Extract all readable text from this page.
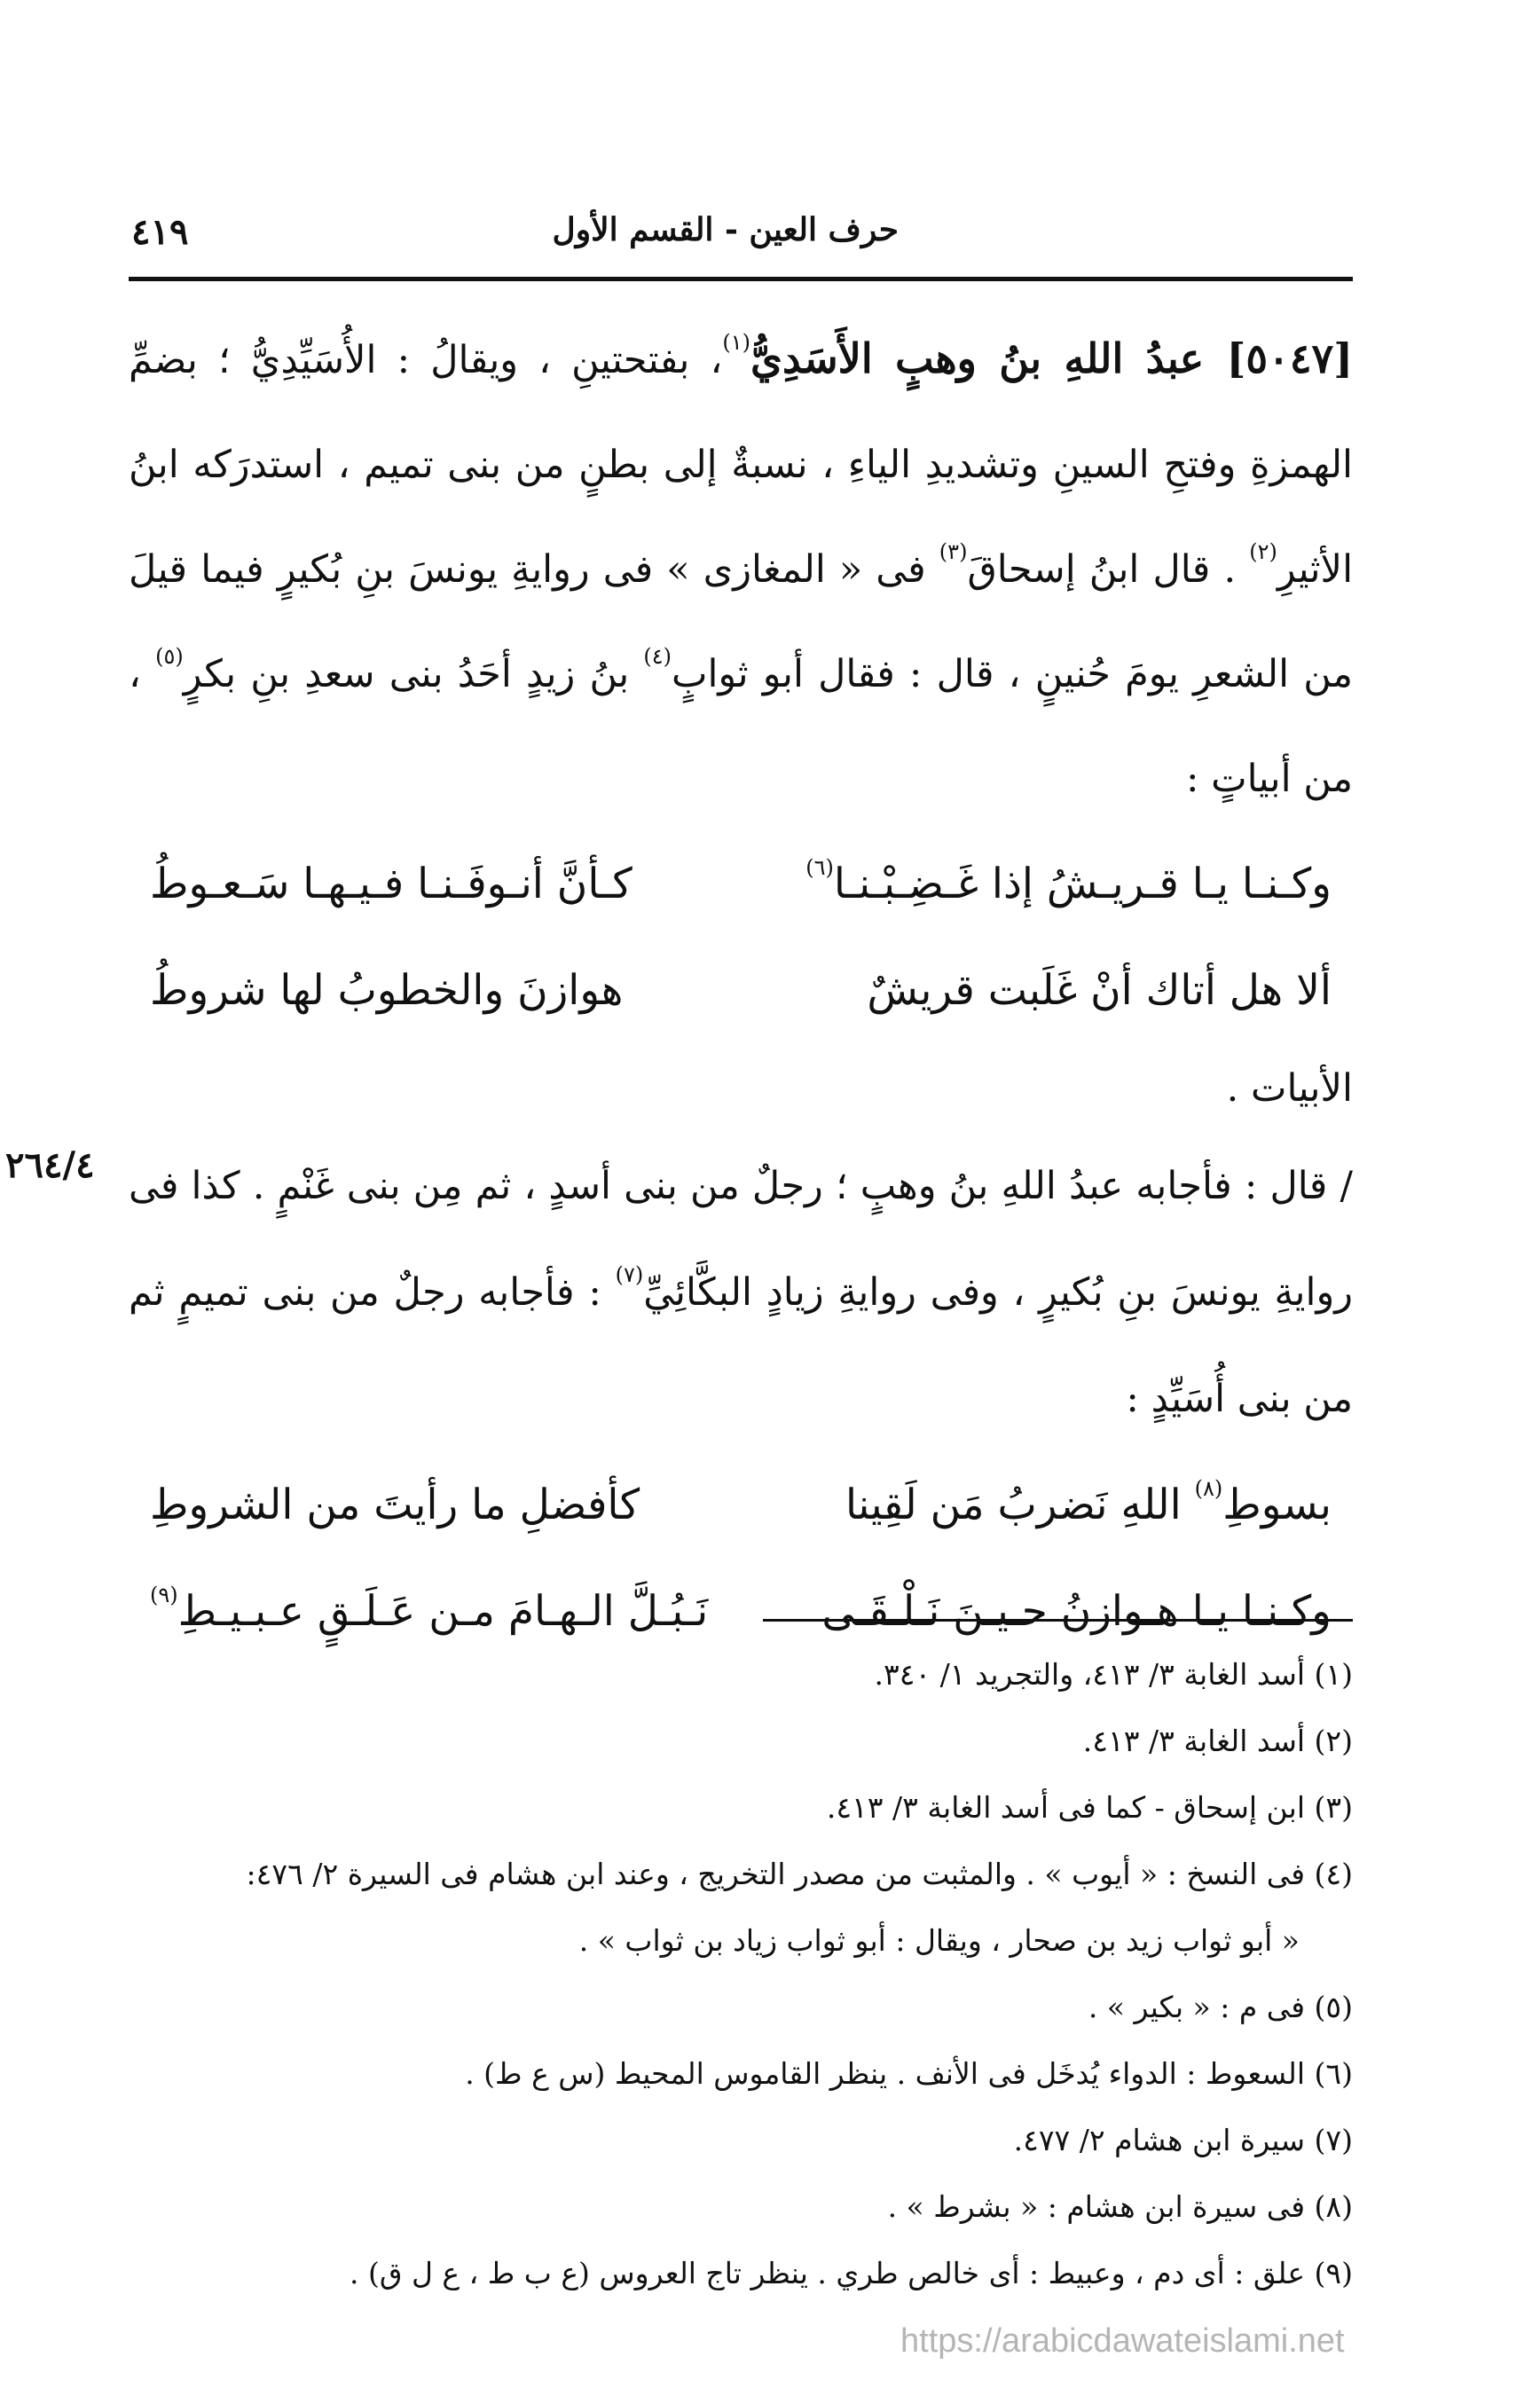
حرف العين - القسم الأول
٤١٩

[٥٠٤٧] عبدُ اللهِ بنُ وهبٍ الأَسَدِيُّ$^{(١)}$، بفتحتينِ ، ويقالُ : الأُسَيِّدِيُّ ؛ بضمِّ الهمزةِ وفتحِ السينِ وتشديدِ الياءِ ، نسبةٌ إلى بطنٍ من بنى تميم ، استدرَكه ابنُ الأثيرِ$^{(٢)}$ . قال ابنُ إسحاقَ$^{(٣)}$ فى « المغازى » فى روايةِ يونسَ بنِ بُكيرٍ فيما قيلَ من الشعرِ يومَ حُنينٍ ، قال : فقال أبو ثوابٍ$^{(٤)}$ بنُ زيدٍ أحَدُ بنى سعدِ بنِ بكرٍ$^{(٥)}$ ، من أبياتٍ :

وكـنـا يـا قـريـشُ إذا غَـضِـبْـنـا$^{(٦)}$
كـأنَّ أنـوفَـنـا فـيـهـا سَـعـوطُ
ألا هل أتاك أنْ غَلَبت قريشٌ
هوازنَ والخطوبُ لها شروطُ

الأبيات .

/ قال : فأجابه عبدُ اللهِ بنُ وهبٍ ؛ رجلٌ من بنى أسدٍ ، ثم مِن بنى غَنْمٍ . كذا فى روايةِ يونسَ بنِ بُكيرٍ ، وفى روايةِ زيادٍ البكَّائِيِّ$^{(٧)}$ : فأجابه رجلٌ من بنى تميمٍ ثم من بنى أُسَيِّدٍ :

بسوطِ$^{(٨)}$ اللهِ نَضربُ مَن لَقِينا
كأفضلِ ما رأيتَ من الشروطِ
وكـنـا يـا هـوازنُ حـيـنَ نَـلْـقَـى
نَـبُـلَّ الـهـامَ مـن عَـلَـقٍ عـبـيـطِ$^{(٩)}$
٢٦٤/٤

(١) أسد الغابة ٣/ ٤١٣، والتجريد ١/ ٣٤٠.

(٢) أسد الغابة ٣/ ٤١٣.

(٣) ابن إسحاق - كما فى أسد الغابة ٣/ ٤١٣.

(٤) فى النسخ : « أيوب » . والمثبت من مصدر التخريج ، وعند ابن هشام فى السيرة ٢/ ٤٧٦:

« أبو ثواب زيد بن صحار ، ويقال : أبو ثواب زياد بن ثواب » .

(٥) فى م : « بكير » .

(٦) السعوط : الدواء يُدخَل فى الأنف . ينظر القاموس المحيط (س ع ط) .

(٧) سيرة ابن هشام ٢/ ٤٧٧.

(٨) فى سيرة ابن هشام : « بشرط » .

(٩) علق : أى دم ، وعبيط : أى خالص طري . ينظر تاج العروس (ع ب ط ، ع ل ق) .

https://arabicdawateislami.net
